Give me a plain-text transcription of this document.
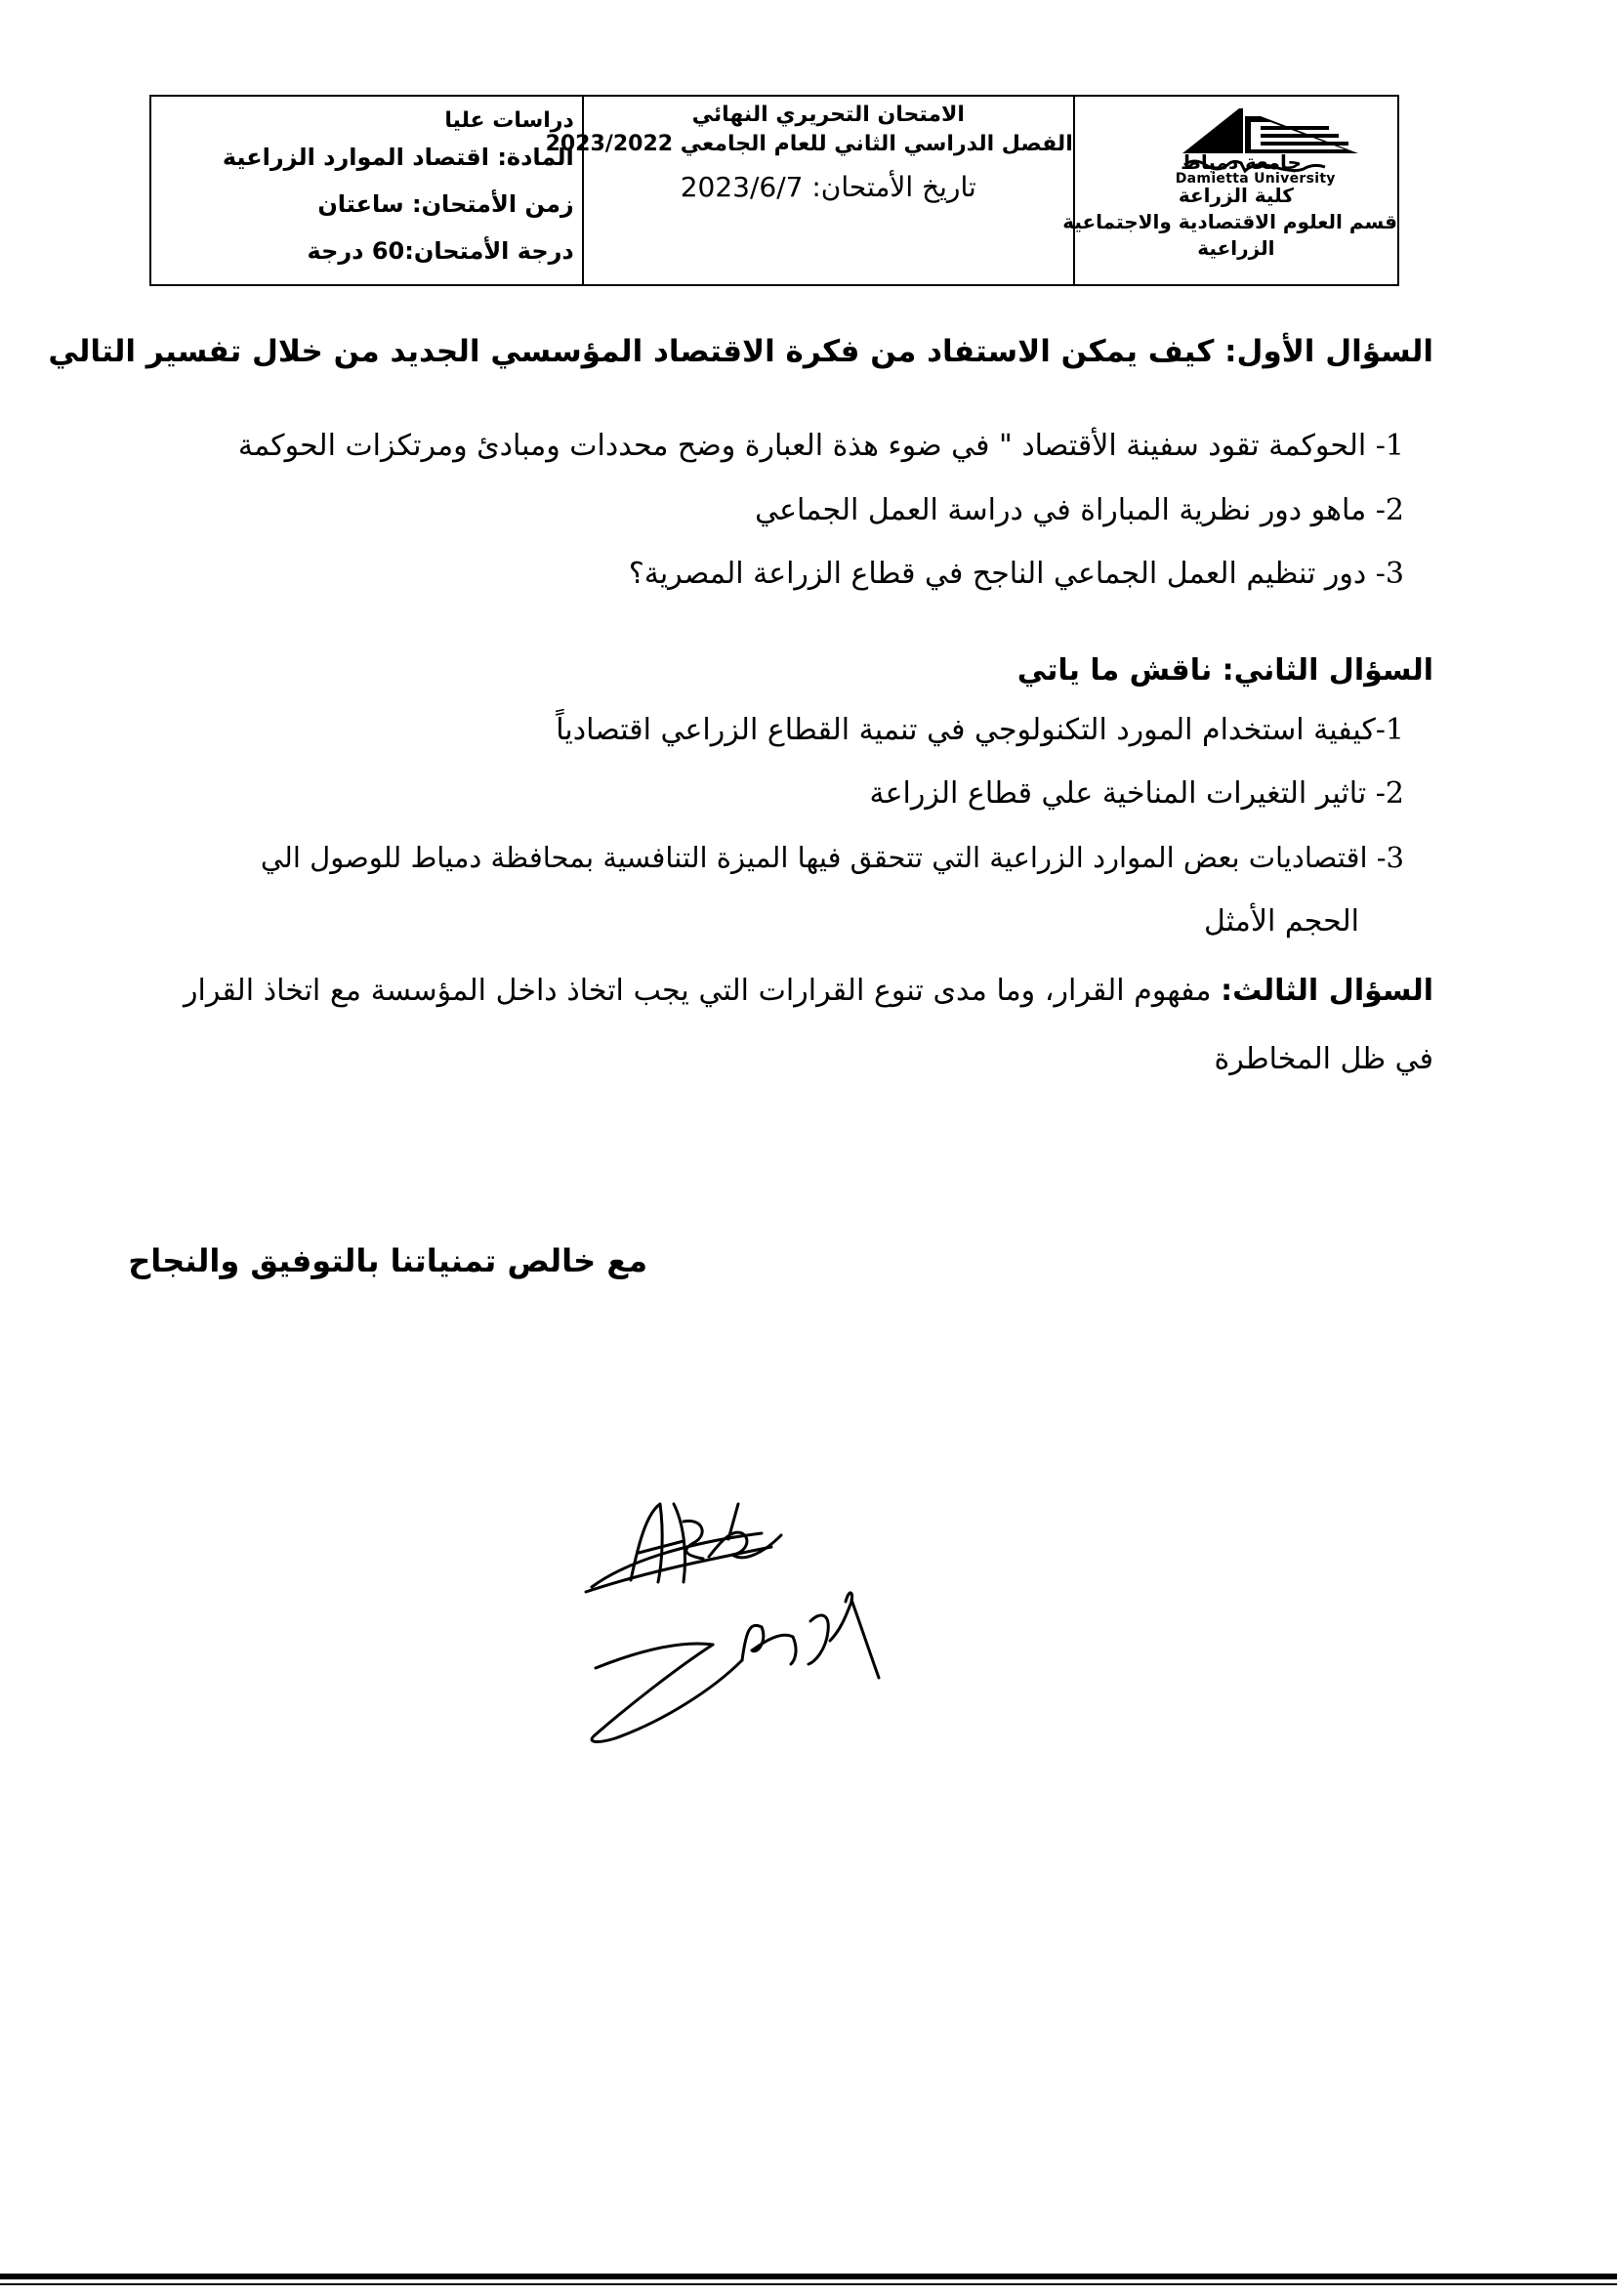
دراسات عليا
المادة: اقتصاد الموارد الزراعية
زمن الأمتحان: ساعتان
درجة الأمتحان:60 درجة
الامتحان التحريري النهائي
الفصل الدراسي الثاني للعام الجامعي 2023/2022
تاريخ الأمتحان: 2023/6/7
جامعة دمياط
Damietta University
كلية الزراعة
قسم العلوم الاقتصادية والاجتماعية
الزراعية
السؤال الأول: كيف يمكن الاستفاد من فكرة الاقتصاد المؤسسي الجديد من خلال تفسير التالي
1- الحوكمة تقود سفينة الأقتصاد " في ضوء هذة العبارة وضح محددات ومبادئ ومرتكزات الحوكمة
2- ماهو دور نظرية المباراة في دراسة العمل الجماعي
3- دور تنظيم العمل الجماعي الناجح في قطاع الزراعة المصرية؟
السؤال الثاني: ناقش ما ياتي
1-كيفية استخدام المورد التكنولوجي في تنمية القطاع الزراعي اقتصادياً
2- تاثير التغيرات المناخية علي قطاع الزراعة
3- اقتصاديات بعض الموارد الزراعية التي تتحقق فيها الميزة التنافسية بمحافظة دمياط للوصول الي
الحجم الأمثل
السؤال الثالث: مفهوم القرار، وما مدى تنوع القرارات التي يجب اتخاذ داخل المؤسسة مع اتخاذ القرار في ظل المخاطرة
مع خالص تمنياتنا بالتوفيق والنجاح
